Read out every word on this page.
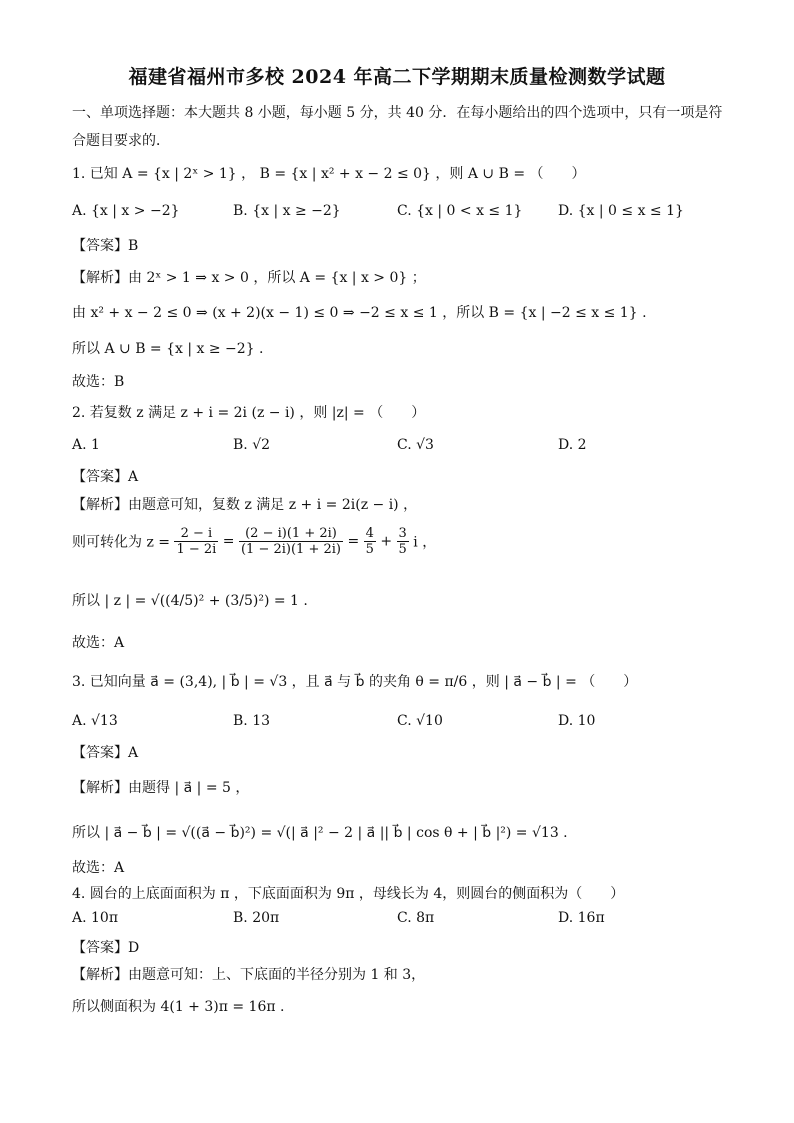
福建省福州市多校 2024 年高二下学期期末质量检测数学试题
一、单项选择题：本大题共 8 小题，每小题 5 分，共 40 分．在每小题给出的四个选项中，只有一项是符
合题目要求的．
1. 已知 A = {x | 2ˣ > 1} ， B = {x | x² + x − 2 ≤ 0} ，则 A ∪ B = （　　）
A. {x | x > −2}	B. {x | x ≥ −2}	C. {x | 0 < x ≤ 1}	D. {x | 0 ≤ x ≤ 1}
【答案】B
【解析】由 2ˣ > 1 ⇒ x > 0 ，所以 A = {x | x > 0} ；
由 x² + x − 2 ≤ 0 ⇒ (x + 2)(x − 1) ≤ 0 ⇒ −2 ≤ x ≤ 1 ，所以 B = {x | −2 ≤ x ≤ 1} .
所以 A ∪ B = {x | x ≥ −2} .
故选：B
2. 若复数 z 满足 z + i = 2i (z − i) ，则 |z| = （　　）
A. 1	B. √2	C. √3	D. 2
【答案】A
【解析】由题意可知，复数 z 满足 z + i = 2i(z − i) ，
则可转化为 $z = \frac{2 - i}{1 - 2i} = \frac{(2 - i)(1 + 2i)}{(1 - 2i)(1 + 2i)} = \frac{4}{5} + \frac{3}{5}$ i ，
所以 | z | = √((4/5)² + (3/5)²) = 1 .
故选：A
3. 已知向量 a⃗ = (3,4), | b⃗ | = √3 ，且 a⃗ 与 b⃗ 的夹角 θ = π/6 ，则 | a⃗ − b⃗ | = （　　）
A. √13	B. 13	C. √10	D. 10
【答案】A
【解析】由题得 | a⃗ | = 5 ，
所以 | a⃗ − b⃗ | = √((a⃗ − b⃗)²) = √(| a⃗ |² − 2 | a⃗ || b⃗ | cos θ + | b⃗ |²) = √13 .
故选：A
4. 圆台的上底面面积为 π ，下底面面积为 9π ，母线长为 4，则圆台的侧面积为（　　）
A. 10π	B. 20π	C. 8π	D. 16π
【答案】D
【解析】由题意可知：上、下底面的半径分别为 1 和 3，
所以侧面积为 4(1 + 3)π = 16π .
